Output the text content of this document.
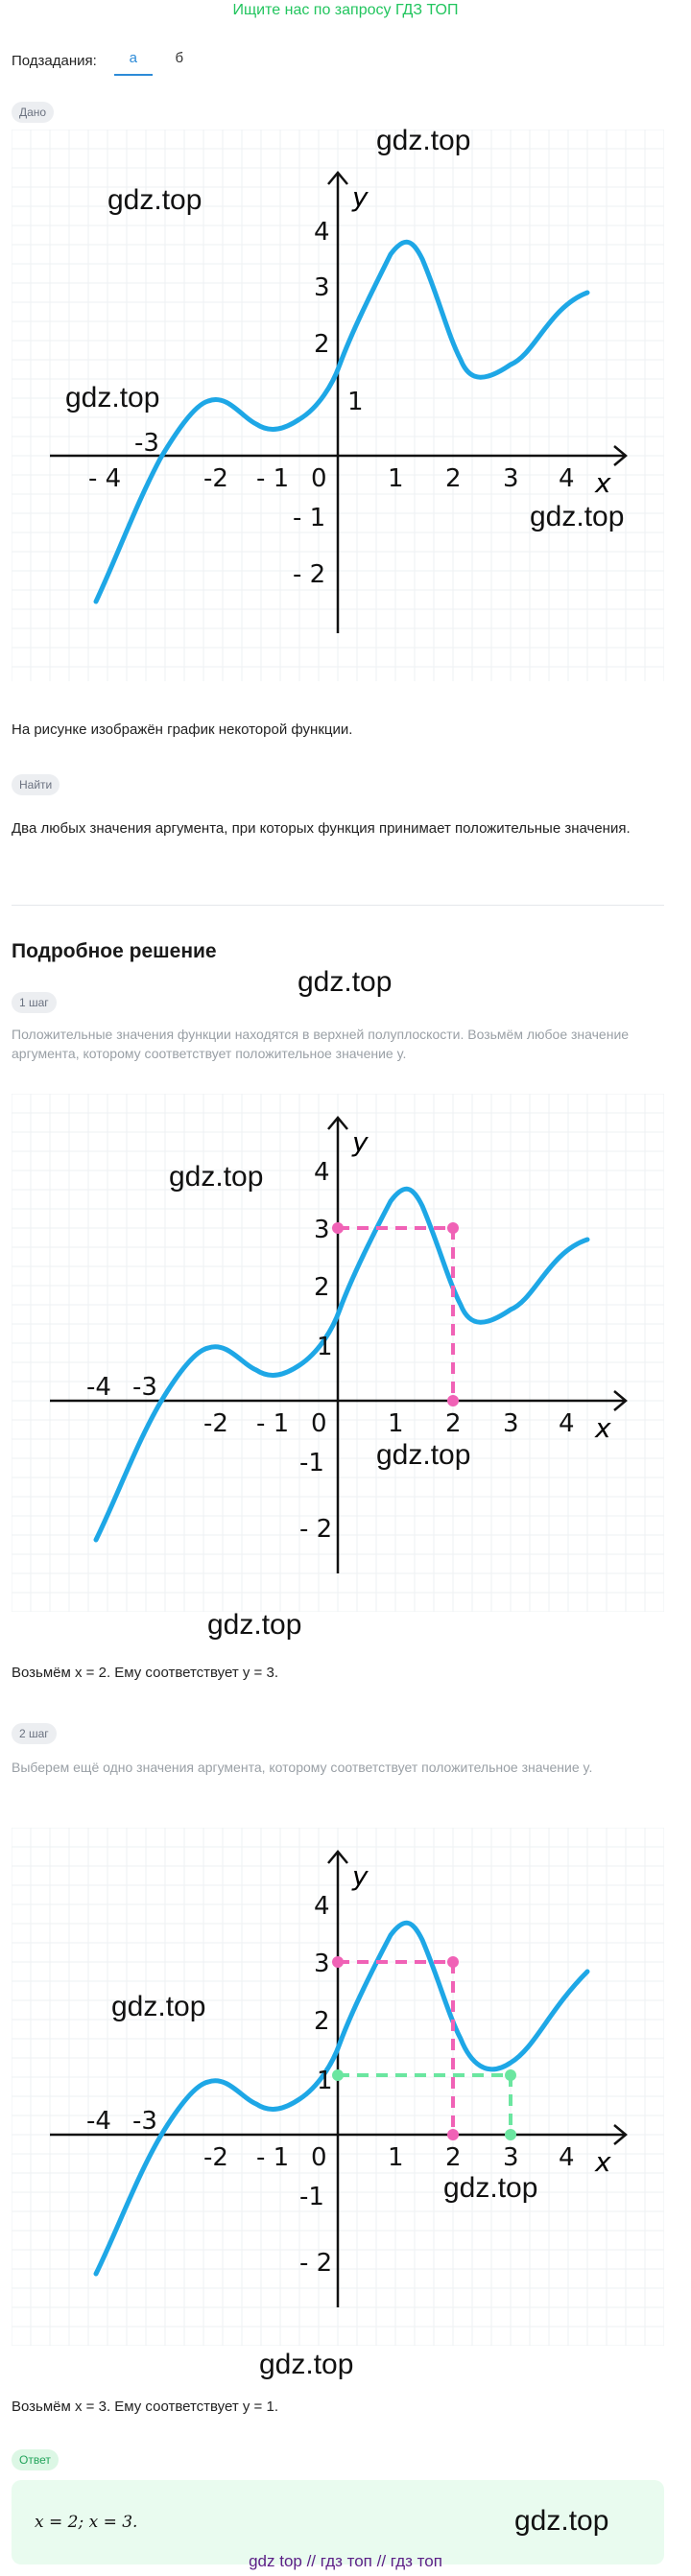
Ищите нас по запросу ГДЗ ТОП
Подзадания:	а	б
Дано
y
x
- 4	-2 - 1 0 1 2 3 4
4
3
2
1
- 1
- 2
-3
gdz.top
gdz.top
gdz.top
gdz.top
На рисунке изображён график некоторой функции.
Найти
Два любых значения аргумента, при которых функция принимает положительные значения.
Подробное решение
gdz.top
1 шаг
Положительные значения функции находятся в верхней полуплоскости. Возьмём любое значение аргумента, которому соответствует положительное значение y.
y
x
-4
-2 - 1 0 1 2 3 4
4
3
2
1
-1
- 2
-3
gdz.top
gdz.top
gdz.top
Возьмём x = 2. Ему соответствует y = 3.
2 шаг
Выберем ещё одно значения аргумента, которому соответствует положительное значение y.
y
x
-4
-2 - 1 0 1 2 3 4
4
3
2
1
-1
- 2
-3
gdz.top
gdz.top
gdz.top
Возьмём x = 3. Ему соответствует y = 1.
Ответ
x = 2; x = 3.	gdz.top
gdz top // гдз топ // гдз топ
